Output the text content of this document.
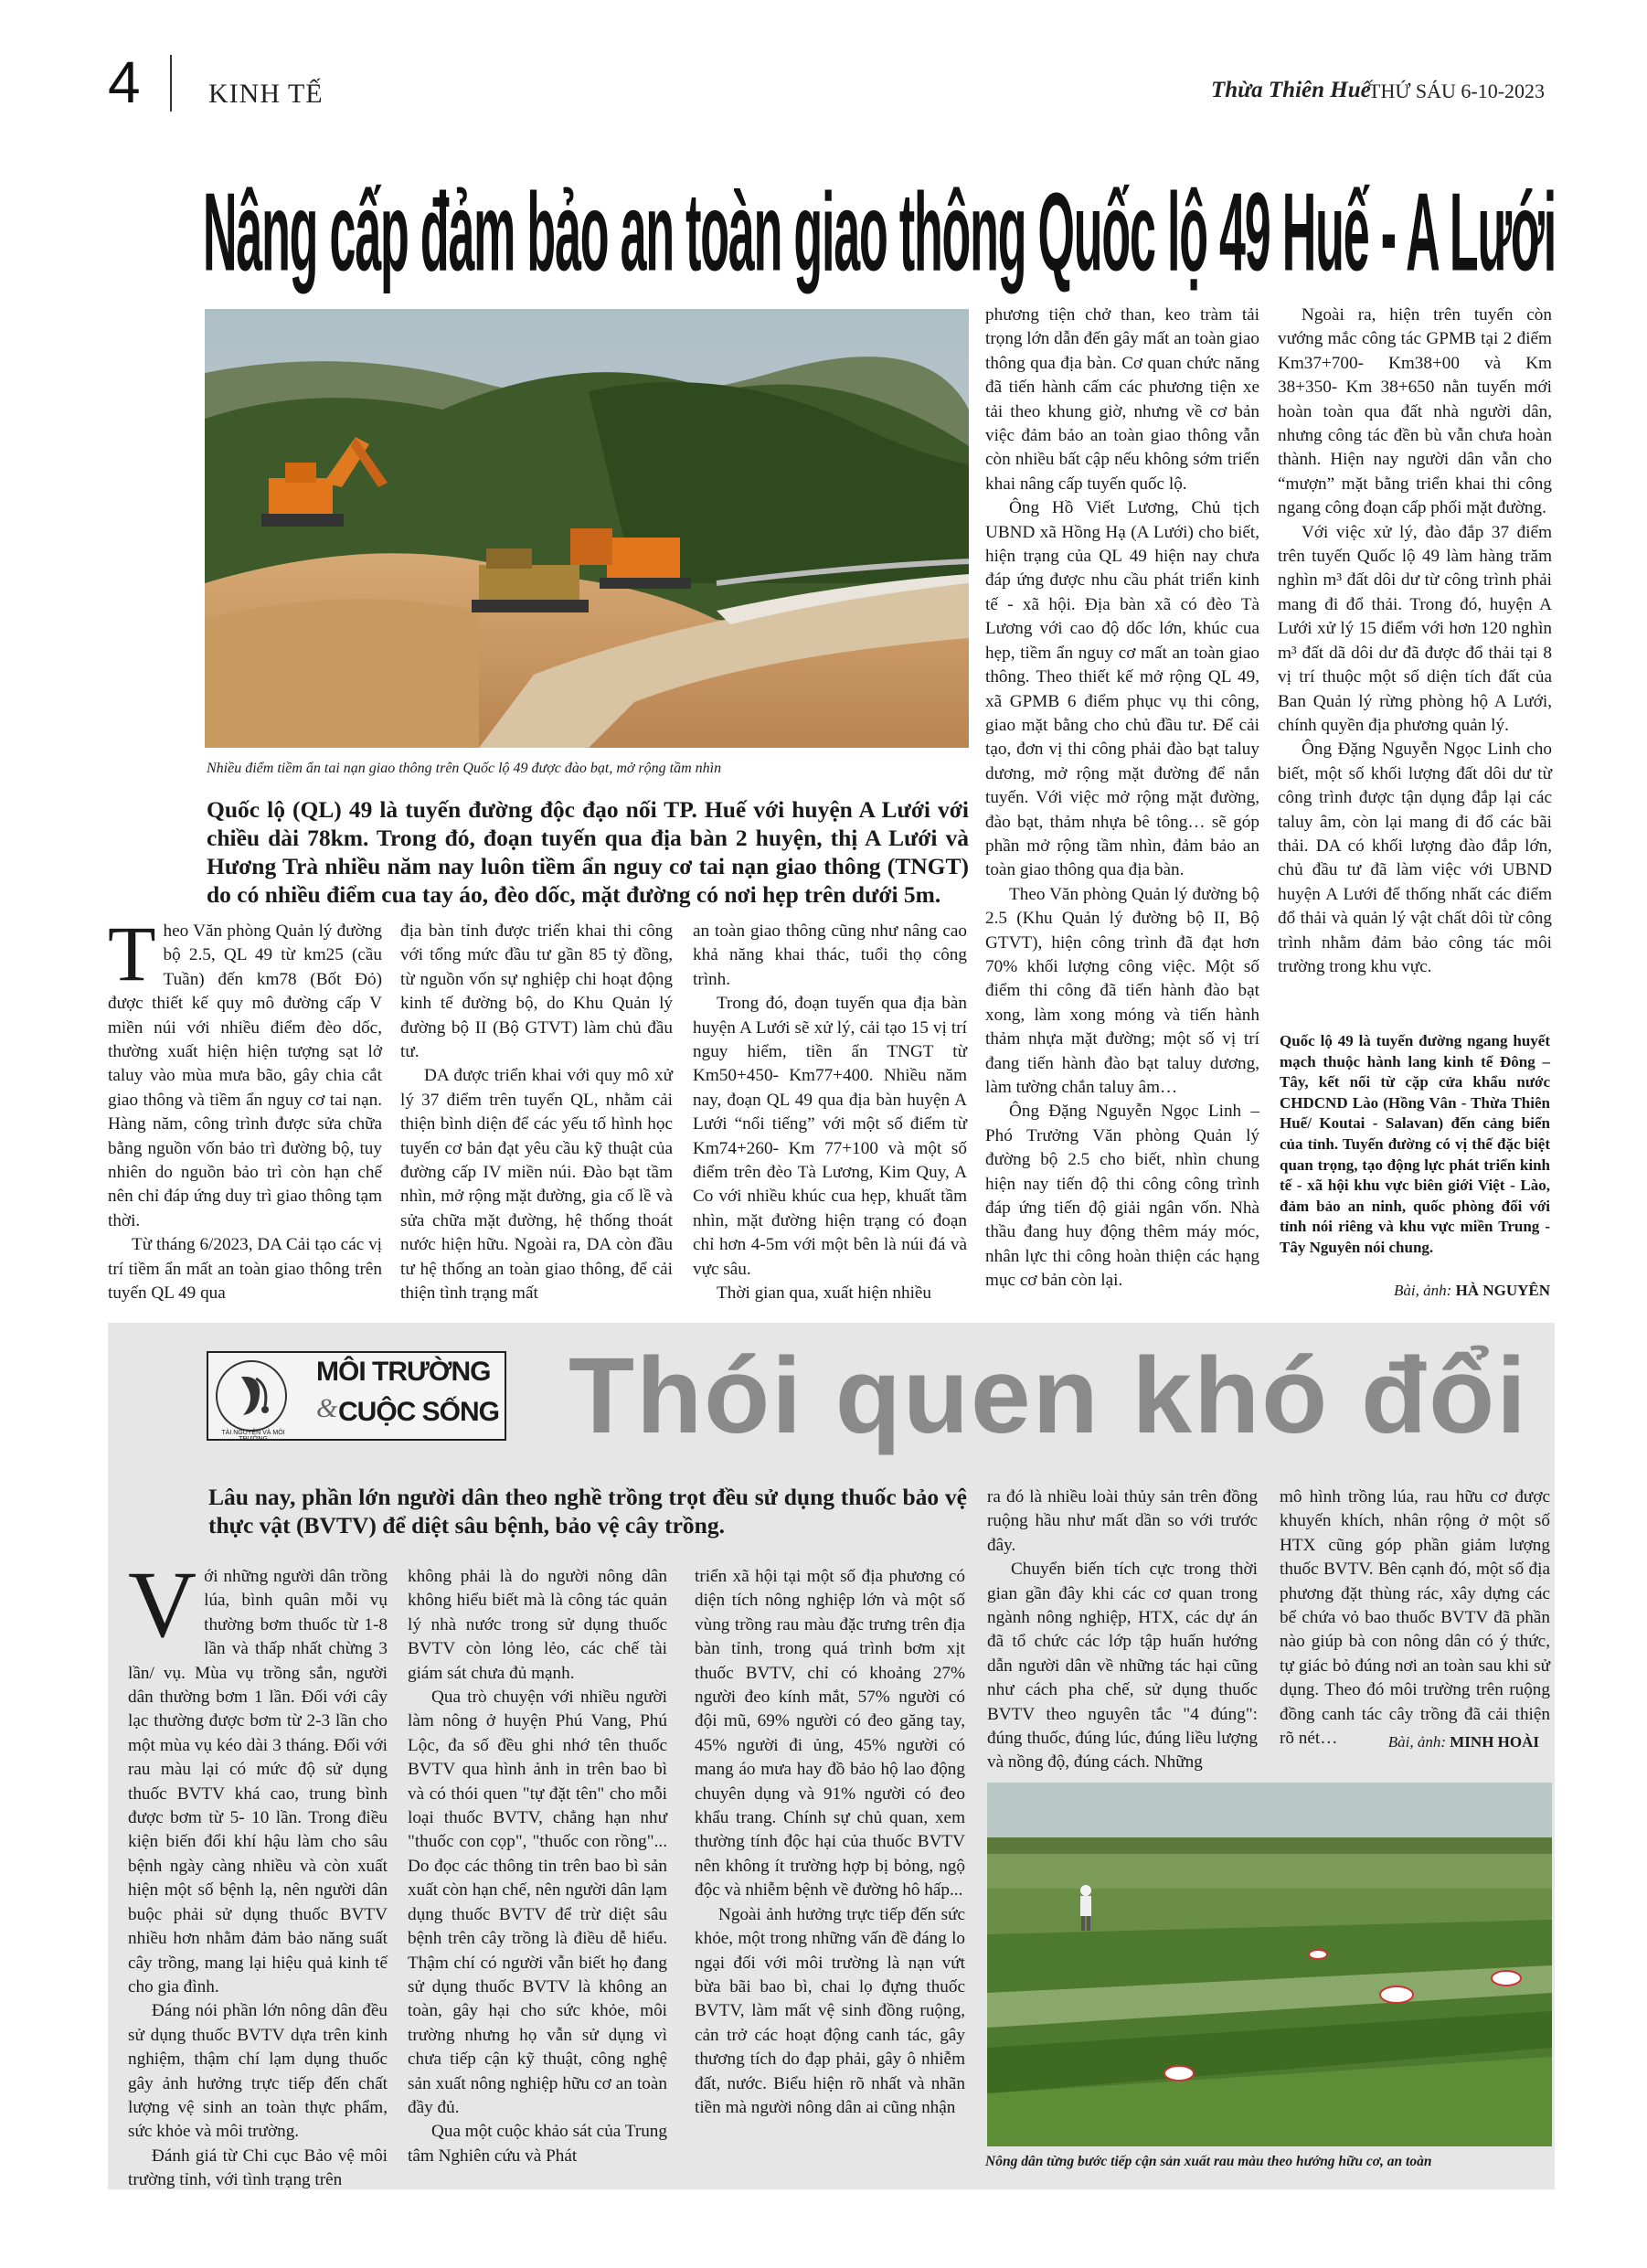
4 KINH TẾ	Thừa Thiên Huế
THỨ SÁU 6-10-2023
Nâng cấp đảm bảo an toàn giao thông Quốc lộ 49 Huế - A Lưới
Nhiều điểm tiềm ẩn tai nạn giao thông trên Quốc lộ 49 được đào bạt, mở rộng tầm nhìn
Quốc lộ (QL) 49 là tuyến đường độc đạo nối TP. Huế với huyện A Lưới với chiều dài 78km. Trong đó, đoạn tuyến qua địa bàn 2 huyện, thị A Lưới và Hương Trà nhiều năm nay luôn tiềm ẩn nguy cơ tai nạn giao thông (TNGT) do có nhiều điểm cua tay áo, đèo dốc, mặt đường có nơi hẹp trên dưới 5m.

Theo Văn phòng Quản lý đường bộ 2.5, QL 49 từ km25 (cầu Tuần) đến km78 (Bốt Đỏ) được thiết kế quy mô đường cấp V miền núi với nhiều điểm đèo dốc, thường xuất hiện hiện tượng sạt lở taluy vào mùa mưa bão, gây chia cắt giao thông và tiềm ẩn nguy cơ tai nạn. Hàng năm, công trình được sửa chữa bằng nguồn vốn bảo trì đường bộ, tuy nhiên do nguồn bảo trì còn hạn chế nên chỉ đáp ứng duy trì giao thông tạm thời.

Từ tháng 6/2023, DA Cải tạo các vị trí tiềm ẩn mất an toàn giao thông trên tuyến QL 49 qua

địa bàn tỉnh được triển khai thi công với tổng mức đầu tư gần 85 tỷ đồng, từ nguồn vốn sự nghiệp chi hoạt động kinh tế đường bộ, do Khu Quản lý đường bộ II (Bộ GTVT) làm chủ đầu tư.

DA được triển khai với quy mô xử lý 37 điểm trên tuyến QL, nhằm cải thiện bình diện để các yếu tố hình học tuyến cơ bản đạt yêu cầu kỹ thuật của đường cấp IV miền núi. Đào bạt tầm nhìn, mở rộng mặt đường, gia cố lề và sửa chữa mặt đường, hệ thống thoát nước hiện hữu. Ngoài ra, DA còn đầu tư hệ thống an toàn giao thông, để cải thiện tình trạng mất

an toàn giao thông cũng như nâng cao khả năng khai thác, tuổi thọ công trình.

Trong đó, đoạn tuyến qua địa bàn huyện A Lưới sẽ xử lý, cải tạo 15 vị trí nguy hiểm, tiền ẩn TNGT từ Km50+450- Km77+400. Nhiều năm nay, đoạn QL 49 qua địa bàn huyện A Lưới “nổi tiếng” với một số điểm từ Km74+260- Km 77+100 và một số điểm trên đèo Tà Lương, Kim Quy, A Co với nhiều khúc cua hẹp, khuất tầm nhìn, mặt đường hiện trạng có đoạn chỉ hơn 4-5m với một bên là núi đá và vực sâu.

Thời gian qua, xuất hiện nhiều

phương tiện chở than, keo tràm tải trọng lớn dẫn đến gây mất an toàn giao thông qua địa bàn. Cơ quan chức năng đã tiến hành cấm các phương tiện xe tải theo khung giờ, nhưng về cơ bản việc đảm bảo an toàn giao thông vẫn còn nhiều bất cập nếu không sớm triển khai nâng cấp tuyến quốc lộ.

Ông Hồ Viết Lương, Chủ tịch UBND xã Hồng Hạ (A Lưới) cho biết, hiện trạng của QL 49 hiện nay chưa đáp ứng được nhu cầu phát triển kinh tế - xã hội. Địa bàn xã có đèo Tà Lương với cao độ dốc lớn, khúc cua hẹp, tiềm ẩn nguy cơ mất an toàn giao thông. Theo thiết kế mở rộng QL 49, xã GPMB 6 điểm phục vụ thi công, giao mặt bằng cho chủ đầu tư. Để cải tạo, đơn vị thi công phải đào bạt taluy dương, mở rộng mặt đường để nắn tuyến. Với việc mở rộng mặt đường, đào bạt, thảm nhựa bê tông… sẽ góp phần mở rộng tầm nhìn, đảm bảo an toàn giao thông qua địa bàn.

Theo Văn phòng Quản lý đường bộ 2.5 (Khu Quản lý đường bộ II, Bộ GTVT), hiện công trình đã đạt hơn 70% khối lượng công việc. Một số điểm thi công đã tiến hành đào bạt xong, làm xong móng và tiến hành thảm nhựa mặt đường; một số vị trí đang tiến hành đào bạt taluy dương, làm tường chắn taluy âm…

Ông Đặng Nguyễn Ngọc Linh – Phó Trưởng Văn phòng Quản lý đường bộ 2.5 cho biết, nhìn chung hiện nay tiến độ thi công công trình đáp ứng tiến độ giải ngân vốn. Nhà thầu đang huy động thêm máy móc, nhân lực thi công hoàn thiện các hạng mục cơ bản còn lại.

Ngoài ra, hiện trên tuyến còn vướng mắc công tác GPMB tại 2 điểm Km37+700- Km38+00 và Km 38+350- Km 38+650 nằn tuyến mới hoàn toàn qua đất nhà người dân, nhưng công tác đền bù vẫn chưa hoàn thành. Hiện nay người dân vẫn cho “mượn” mặt bằng triển khai thi công ngang công đoạn cấp phối mặt đường.

Với việc xử lý, đào đắp 37 điểm trên tuyến Quốc lộ 49 làm hàng trăm nghìn m³ đất dôi dư từ công trình phải mang đi đổ thải. Trong đó, huyện A Lưới xử lý 15 điểm với hơn 120 nghìn m³ đất dã dôi dư đã được đổ thải tại 8 vị trí thuộc một số diện tích đất của Ban Quản lý rừng phòng hộ A Lưới, chính quyền địa phương quản lý.

Ông Đặng Nguyễn Ngọc Linh cho biết, một số khối lượng đất dôi dư từ công trình được tận dụng đắp lại các taluy âm, còn lại mang đi đổ các bãi thải. DA có khối lượng đào đắp lớn, chủ đầu tư đã làm việc với UBND huyện A Lưới để thống nhất các điểm đổ thải và quản lý vật chất dôi từ công trình nhằm đảm bảo công tác môi trường trong khu vực.

Quốc lộ 49 là tuyến đường ngang huyết mạch thuộc hành lang kinh tế Đông – Tây, kết nối từ cặp cửa khẩu nước CHDCND Lào (Hồng Vân - Thừa Thiên Huế/ Koutai - Salavan) đến cảng biển của tỉnh. Tuyến đường có vị thế đặc biệt quan trọng, tạo động lực phát triển kinh tế - xã hội khu vực biên giới Việt - Lào, đảm bảo an ninh, quốc phòng đối với tỉnh nói riêng và khu vực miền Trung - Tây Nguyên nói chung.
Bài, ảnh: HÀ NGUYÊN
TÀI NGUYÊN VÀ MÔI TRƯỜNG
MÔI TRƯỜNG
& CUỘC SỐNG Thói quen khó đổi
Lâu nay, phần lớn người dân theo nghề trồng trọt đều sử dụng thuốc bảo vệ thực vật (BVTV) để diệt sâu bệnh, bảo vệ cây trồng.

Với những người dân trồng lúa, bình quân mỗi vụ thường bơm thuốc từ 1-8 lần và thấp nhất chừng 3 lần/ vụ. Mùa vụ trồng sắn, người dân thường bơm 1 lần. Đối với cây lạc thường được bơm từ 2-3 lần cho một mùa vụ kéo dài 3 tháng. Đối với rau màu lại có mức độ sử dụng thuốc BVTV khá cao, trung bình được bơm từ 5- 10 lần. Trong điều kiện biến đổi khí hậu làm cho sâu bệnh ngày càng nhiều và còn xuất hiện một số bệnh lạ, nên người dân buộc phải sử dụng thuốc BVTV nhiều hơn nhằm đảm bảo năng suất cây trồng, mang lại hiệu quả kinh tế cho gia đình.

Đáng nói phần lớn nông dân đều sử dụng thuốc BVTV dựa trên kinh nghiệm, thậm chí lạm dụng thuốc gây ảnh hưởng trực tiếp đến chất lượng vệ sinh an toàn thực phẩm, sức khỏe và môi trường.

Đánh giá từ Chi cục Bảo vệ môi trường tỉnh, với tình trạng trên

không phải là do người nông dân không hiểu biết mà là công tác quản lý nhà nước trong sử dụng thuốc BVTV còn lỏng lẻo, các chế tài giám sát chưa đủ mạnh.

Qua trò chuyện với nhiều người làm nông ở huyện Phú Vang, Phú Lộc, đa số đều ghi nhớ tên thuốc BVTV qua hình ảnh in trên bao bì và có thói quen "tự đặt tên" cho mỗi loại thuốc BVTV, chẳng hạn như "thuốc con cọp", "thuốc con rồng"... Do đọc các thông tin trên bao bì sản xuất còn hạn chế, nên người dân lạm dụng thuốc BVTV để trừ diệt sâu bệnh trên cây trồng là điều dễ hiểu. Thậm chí có người vẫn biết họ đang sử dụng thuốc BVTV là không an toàn, gây hại cho sức khỏe, môi trường nhưng họ vẫn sử dụng vì chưa tiếp cận kỹ thuật, công nghệ sản xuất nông nghiệp hữu cơ an toàn đầy đủ.

Qua một cuộc khảo sát của Trung tâm Nghiên cứu và Phát

triển xã hội tại một số địa phương có diện tích nông nghiệp lớn và một số vùng trồng rau màu đặc trưng trên địa bàn tỉnh, trong quá trình bơm xịt thuốc BVTV, chỉ có khoảng 27% người đeo kính mắt, 57% người có đội mũ, 69% người có đeo găng tay, 45% người đi ủng, 45% người có mang áo mưa hay đồ bảo hộ lao động chuyên dụng và 91% người có đeo khẩu trang. Chính sự chủ quan, xem thường tính độc hại của thuốc BVTV nên không ít trường hợp bị bỏng, ngộ độc và nhiễm bệnh về đường hô hấp...

Ngoài ảnh hưởng trực tiếp đến sức khỏe, một trong những vấn đề đáng lo ngại đối với môi trường là nạn vứt bừa bãi bao bì, chai lọ đựng thuốc BVTV, làm mất vệ sinh đồng ruộng, cản trở các hoạt động canh tác, gây thương tích do đạp phải, gây ô nhiễm đất, nước. Biểu hiện rõ nhất và nhãn tiền mà người nông dân ai cũng nhận

ra đó là nhiều loài thủy sản trên đồng ruộng hầu như mất dần so với trước đây.

Chuyển biến tích cực trong thời gian gần đây khi các cơ quan trong ngành nông nghiệp, HTX, các dự án đã tổ chức các lớp tập huấn hướng dẫn người dân về những tác hại cũng như cách pha chế, sử dụng thuốc BVTV theo nguyên tắc "4 đúng": đúng thuốc, đúng lúc, đúng liều lượng và nồng độ, đúng cách. Những

mô hình trồng lúa, rau hữu cơ được khuyến khích, nhân rộng ở một số HTX cũng góp phần giảm lượng thuốc BVTV. Bên cạnh đó, một số địa phương đặt thùng rác, xây dựng các bể chứa vỏ bao thuốc BVTV đã phần nào giúp bà con nông dân có ý thức, tự giác bỏ đúng nơi an toàn sau khi sử dụng. Theo đó môi trường trên ruộng đồng canh tác cây trồng đã cải thiện rõ nét…	Bài, ảnh: MINH HOÀI
Nông dân từng bước tiếp cận sản xuất rau màu theo hướng hữu cơ, an toàn
